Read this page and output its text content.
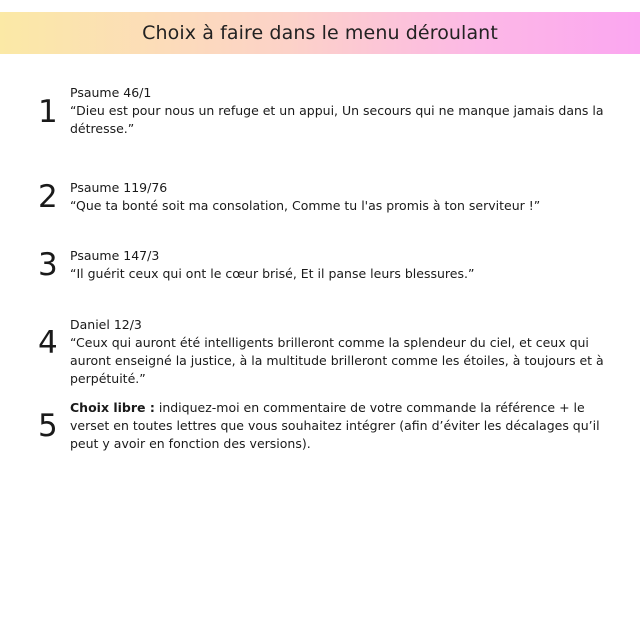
Choix à faire dans le menu déroulant
1
Psaume 46/1
“Dieu est pour nous un refuge et un appui, Un secours qui ne manque jamais dans la détresse.”
2 Psaume 119/76
“Que ta bonté soit ma consolation, Comme tu l'as promis à ton serviteur !”
3 Psaume 147/3
“Il guérit ceux qui ont le cœur brisé, Et il panse leurs blessures.”
4
Daniel 12/3
“Ceux qui auront été intelligents brilleront comme la splendeur du ciel, et ceux qui auront enseigné la justice, à la multitude brilleront comme les étoiles, à toujours et à perpétuité.”
5
Choix libre : indiquez-moi en commentaire de votre commande la référence + le verset en toutes lettres que vous souhaitez intégrer (afin d’éviter les décalages qu’il peut y avoir en fonction des versions).
